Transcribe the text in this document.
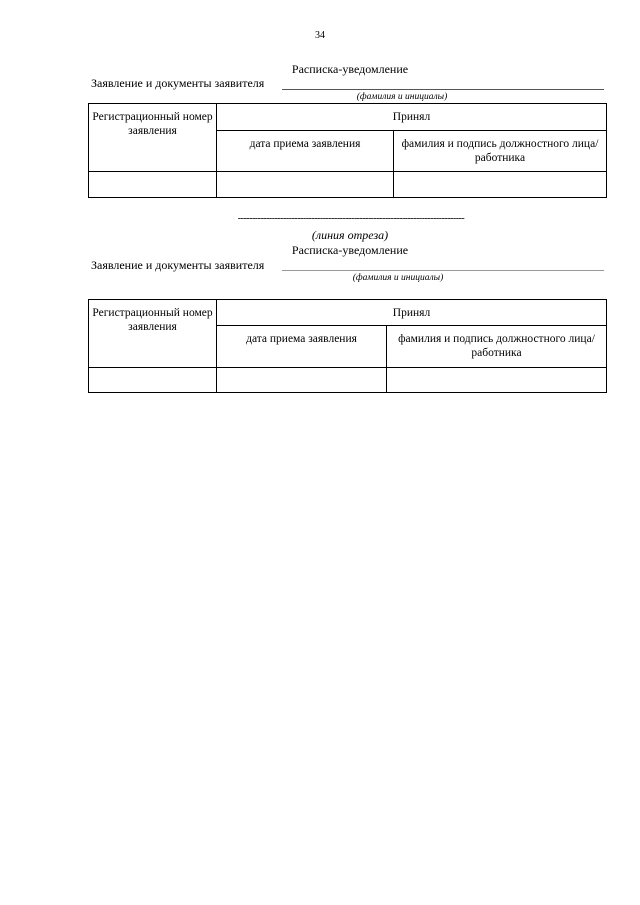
34
Расписка-уведомление
Заявление и документы заявителя
(фамилия и инициалы)
Регистрационный номер заявления	Принял	
	дата приема заявления	фамилия и подпись должностного лица/работника

--------------------------------------------------------------------------------
(линия отреза)
Расписка-уведомление
Заявление и документы заявителя
(фамилия и инициалы)
Регистрационный номер заявления	Принял	
	дата приема заявления	фамилия и подпись должностного лица/работника
